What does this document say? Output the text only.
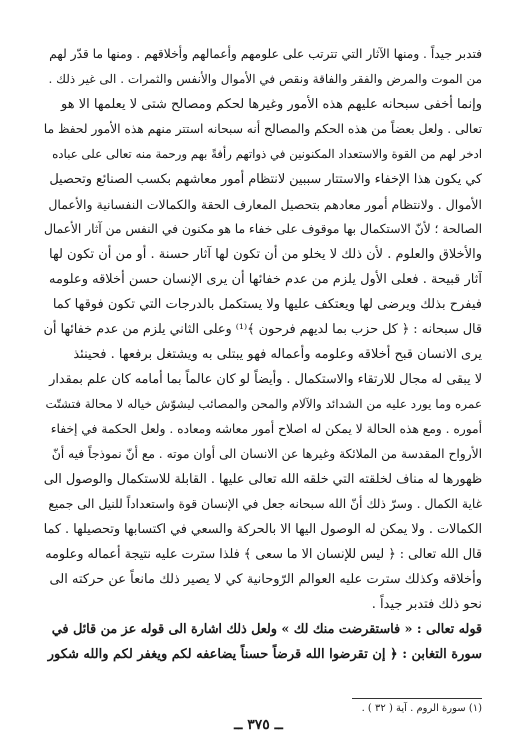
فتدبر جيداً . ومنها الآثار التي تترتب على علومهم وأعمالهم وأخلاقهم . ومنها ما قدّر لهم
من الموت والمرض والفقر والفاقة ونقص في الأموال والأنفس والثمرات . الى غير ذلك .
وإنما أخفى سبحانه عليهم هذه الأمور وغيرها لحكم ومصالح شتى لا يعلمها الا هو
تعالى . ولعل بعضاً من هذه الحكم والمصالح أنه سبحانه استتر منهم هذه الأمور لحفظ ما
ادخر لهم من القوة والاستعداد المكنونين في ذواتهم رأفةً بهم ورحمة منه تعالى على عباده
كي يكون هذا الإخفاء والاستتار سببين لانتظام أمور معاشهم بكسب الصنائع وتحصيل
الأموال . ولانتظام أمور معادهم بتحصيل المعارف الحقة والكمالات النفسانية والأعمال
الصالحة ؛ لأنّ الاستكمال بها موقوف على خفاء ما هو مكنون في النفس من آثار الأعمال
والأخلاق والعلوم . لأن ذلك لا يخلو من أن تكون لها آثار حسنة . أو من أن تكون لها
آثار قبيحة . فعلى الأول يلزم من عدم خفائها أن يرى الإنسان حسن أخلاقه وعلومه
فيفرح بذلك ويرضى لها ويعتكف عليها ولا يستكمل بالدرجات التي تكون فوقها كما
قال سبحانه : ﴿ كل حزب بما لديهم فرحون ﴾⁽¹⁾ وعلى الثاني يلزم من عدم خفائها أن
يرى الانسان قبح أخلاقه وعلومه وأعماله فهو يبتلى به ويشتغل برفعها . فحينئذ
لا يبقى له مجال للارتقاء والاستكمال . وأيضاً لو كان عالماً بما أمامه كان علم بمقدار
عمره وما يورد عليه من الشدائد والآلام والمحن والمصائب ليشوّش خياله لا محالة فتشتّت
أموره . ومع هذه الحالة لا يمكن له اصلاح أمور معاشه ومعاده . ولعل الحكمة في إخفاء
الأرواح المقدسة من الملائكة وغيرها عن الانسان الى أوان موته . مع أنّ نموذجاً فيه أنّ
ظهورها له مناف لخلقته التي خلقه الله تعالى عليها . القابلة للاستكمال والوصول الى
غاية الكمال . وسرّ ذلك أنّ الله سبحانه جعل في الإنسان قوة واستعداداً للنيل الى جميع
الكمالات . ولا يمكن له الوصول اليها الا بالحركة والسعي في اكتسابها وتحصيلها . كما
قال الله تعالى : ﴿ ليس للإنسان الا ما سعى ﴾ فلذا سترت عليه نتيجة أعماله وعلومه
وأخلاقه وكذلك سترت عليه العوالم الرّوحانية كي لا يصير ذلك مانعاً عن حركته الى
نحو ذلك فتدبر جيداً .
قوله تعالى : « فاستقرضت منك لك » ولعل ذلك اشارة الى قوله عز من قائل في
سورة التغابن : ﴿ إن تقرضوا الله قرضاً حسناً يضاعفه لكم ويغفر لكم والله شكور
(١) سورة الروم . آية ( ٣٢ ) .
ــ ٣٧٥ ــ
